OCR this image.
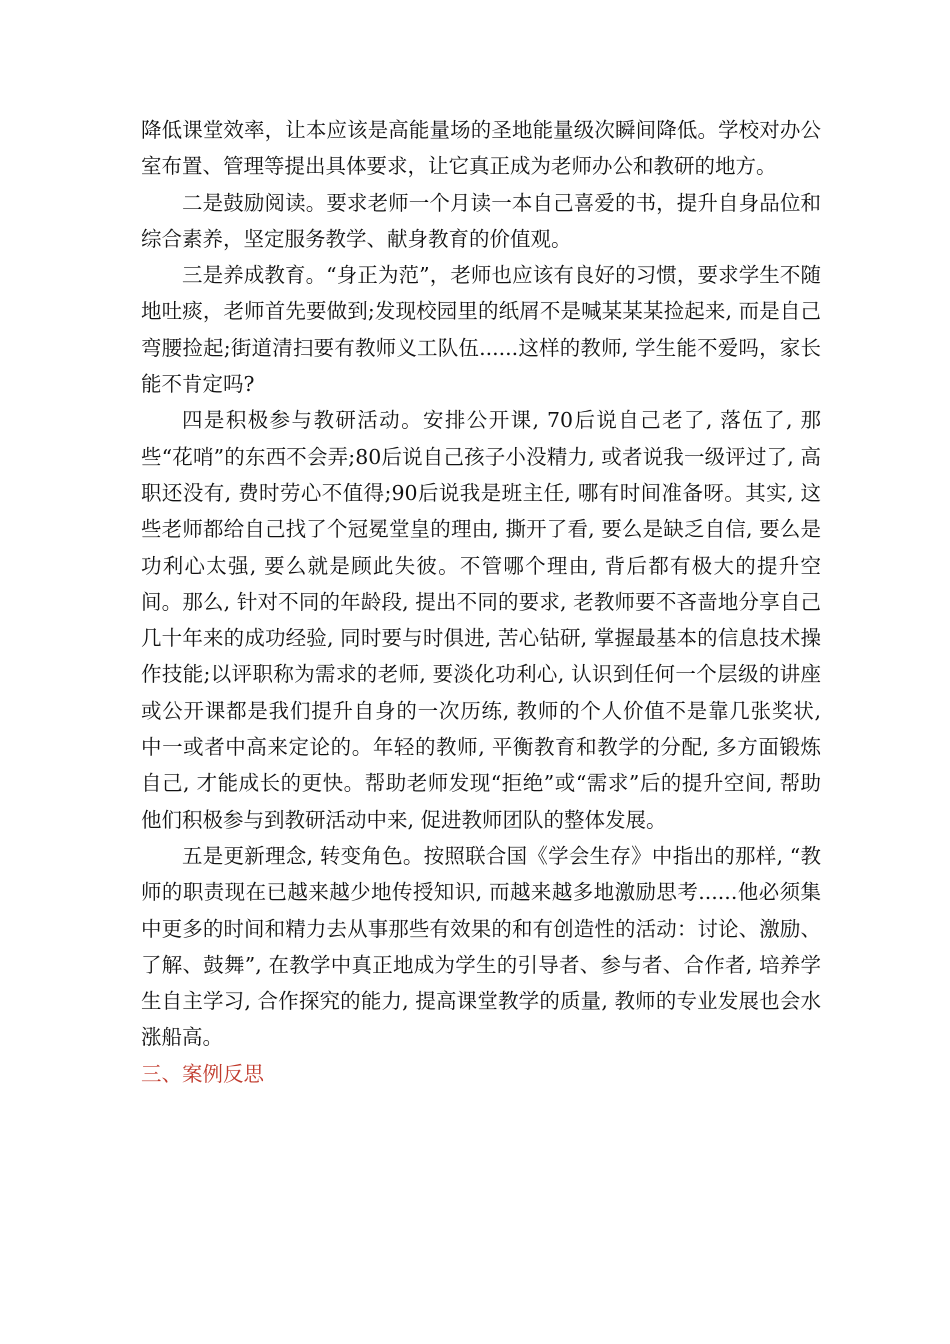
降低课堂效率，让本应该是高能量场的圣地能量级次瞬间降低。学校对办公室布置、管理等提出具体要求，让它真正成为老师办公和教研的地方。

二是鼓励阅读。要求老师一个月读一本自己喜爱的书，提升自身品位和综合素养，坚定服务教学、献身教育的价值观。

三是养成教育。“身正为范”，老师也应该有良好的习惯，要求学生不随地吐痰，老师首先要做到;发现校园里的纸屑不是喊某某某捡起来, 而是自己弯腰捡起;街道清扫要有教师义工队伍......这样的教师, 学生能不爱吗，家长能不肯定吗?

四是积极参与教研活动。安排公开课, 70后说自己老了, 落伍了, 那些“花哨”的东西不会弄;80后说自己孩子小没精力, 或者说我一级评过了, 高职还没有, 费时劳心不值得;90后说我是班主任, 哪有时间准备呀。其实, 这些老师都给自己找了个冠冕堂皇的理由, 撕开了看, 要么是缺乏自信, 要么是功利心太强, 要么就是顾此失彼。不管哪个理由, 背后都有极大的提升空间。那么, 针对不同的年龄段, 提出不同的要求, 老教师要不吝啬地分享自己几十年来的成功经验, 同时要与时俱进, 苦心钻研, 掌握最基本的信息技术操作技能;以评职称为需求的老师, 要淡化功利心, 认识到任何一个层级的讲座或公开课都是我们提升自身的一次历练, 教师的个人价值不是靠几张奖状, 中一或者中高来定论的。年轻的教师, 平衡教育和教学的分配, 多方面锻炼自己, 才能成长的更快。帮助老师发现“拒绝”或“需求”后的提升空间, 帮助他们积极参与到教研活动中来, 促进教师团队的整体发展。

五是更新理念, 转变角色。按照联合国《学会生存》中指出的那样, “教师的职责现在已越来越少地传授知识, 而越来越多地激励思考......他必须集中更多的时间和精力去从事那些有效果的和有创造性的活动：讨论、激励、了解、鼓舞”, 在教学中真正地成为学生的引导者、参与者、合作者, 培养学生自主学习, 合作探究的能力, 提高课堂教学的质量, 教师的专业发展也会水涨船高。

三、案例反思
